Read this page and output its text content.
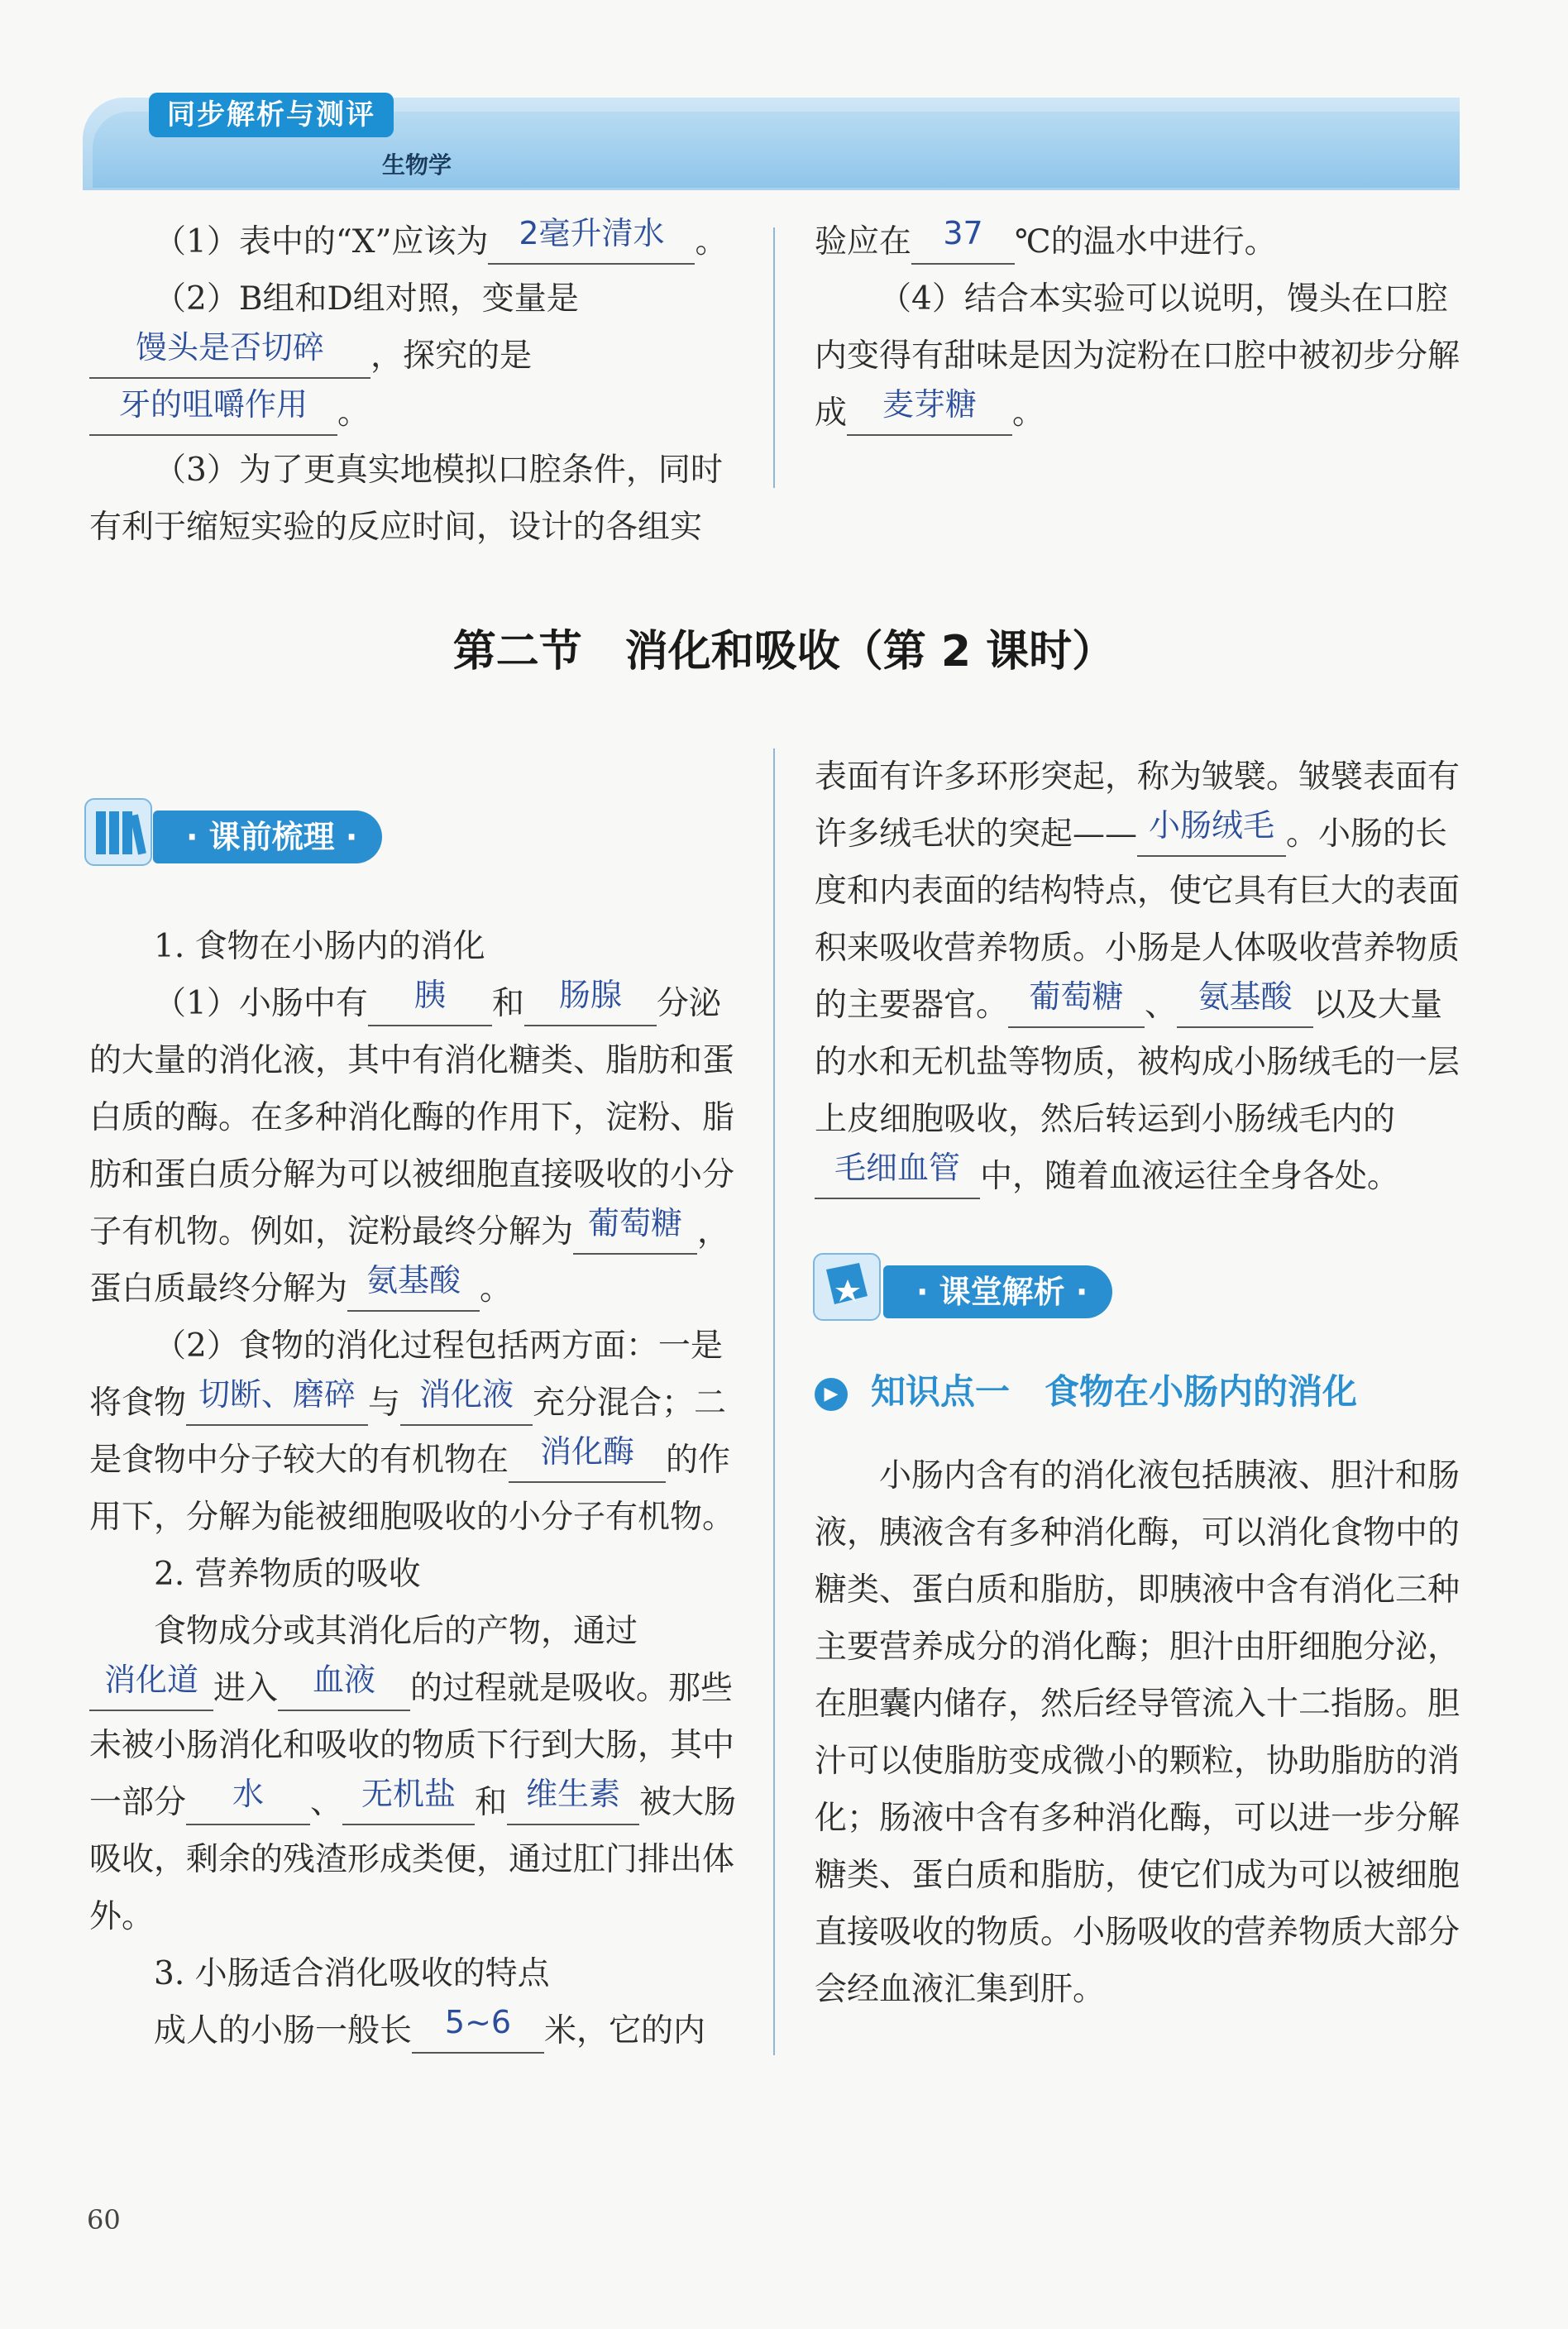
同步解析与测评
生物学

（1）表中的“X”应该为 2毫升清水 。

（2）B组和D组对照，变量是馒头是否切碎 ，探究的是牙的咀嚼作用 。

（3）为了更真实地模拟口腔条件，同时有利于缩短实验的反应时间，设计的各组实

验应在 37 ℃的温水中进行。

（4）结合本实验可以说明，馒头在口腔内变得有甜味是因为淀粉在口腔中被初步分解成 麦芽糖 。

第二节　消化和吸收（第 2 课时）
· 课前梳理 ·

1. 食物在小肠内的消化

（1）小肠中有 胰 和 肠腺 分泌的大量的消化液，其中有消化糖类、脂肪和蛋白质的酶。在多种消化酶的作用下，淀粉、脂肪和蛋白质分解为可以被细胞直接吸收的小分子有机物。例如，淀粉最终分解为 葡萄糖 ，蛋白质最终分解为 氨基酸 。

（2）食物的消化过程包括两方面：一是将食物 切断、磨碎 与 消化液 充分混合；二是食物中分子较大的有机物在 消化酶 的作用下，分解为能被细胞吸收的小分子有机物。

2. 营养物质的吸收

食物成分或其消化后的产物，通过消化道 进入 血液 的过程就是吸收。那些未被小肠消化和吸收的物质下行到大肠，其中一部分 水 、 无机盐 和 维生素 被大肠吸收，剩余的残渣形成类便，通过肛门排出体外。

3. 小肠适合消化吸收的特点

成人的小肠一般长 5~6 米，它的内

表面有许多环形突起，称为皱襞。皱襞表面有许多绒毛状的突起—— 小肠绒毛 。小肠的长度和内表面的结构特点，使它具有巨大的表面积来吸收营养物质。小肠是人体吸收营养物质的主要器官。 葡萄糖 、 氨基酸 以及大量的水和无机盐等物质，被构成小肠绒毛的一层上皮细胞吸收，然后转运到小肠绒毛内的毛细血管 中，随着血液运往全身各处。

· 课堂解析 ·
▶ 知识点一　食物在小肠内的消化

小肠内含有的消化液包括胰液、胆汁和肠液，胰液含有多种消化酶，可以消化食物中的糖类、蛋白质和脂肪，即胰液中含有消化三种主要营养成分的消化酶；胆汁由肝细胞分泌，在胆囊内储存，然后经导管流入十二指肠。胆汁可以使脂肪变成微小的颗粒，协助脂肪的消化；肠液中含有多种消化酶，可以进一步分解糖类、蛋白质和脂肪，使它们成为可以被细胞直接吸收的物质。小肠吸收的营养物质大部分会经血液汇集到肝。

60
